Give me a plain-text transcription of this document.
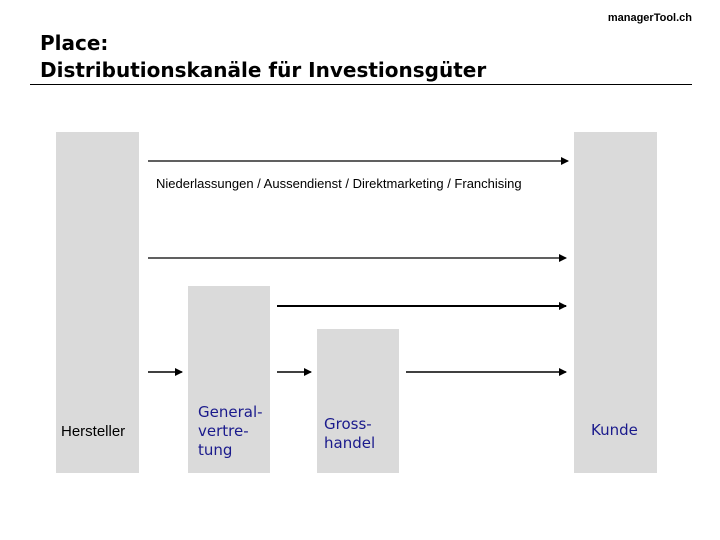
managerTool.ch
Place:
Distributionskanäle für Investionsgüter
Hersteller
General-
vertre-
tung
Gross-
handel
Kunde
Niederlassungen / Aussendienst / Direktmarketing / Franchising
